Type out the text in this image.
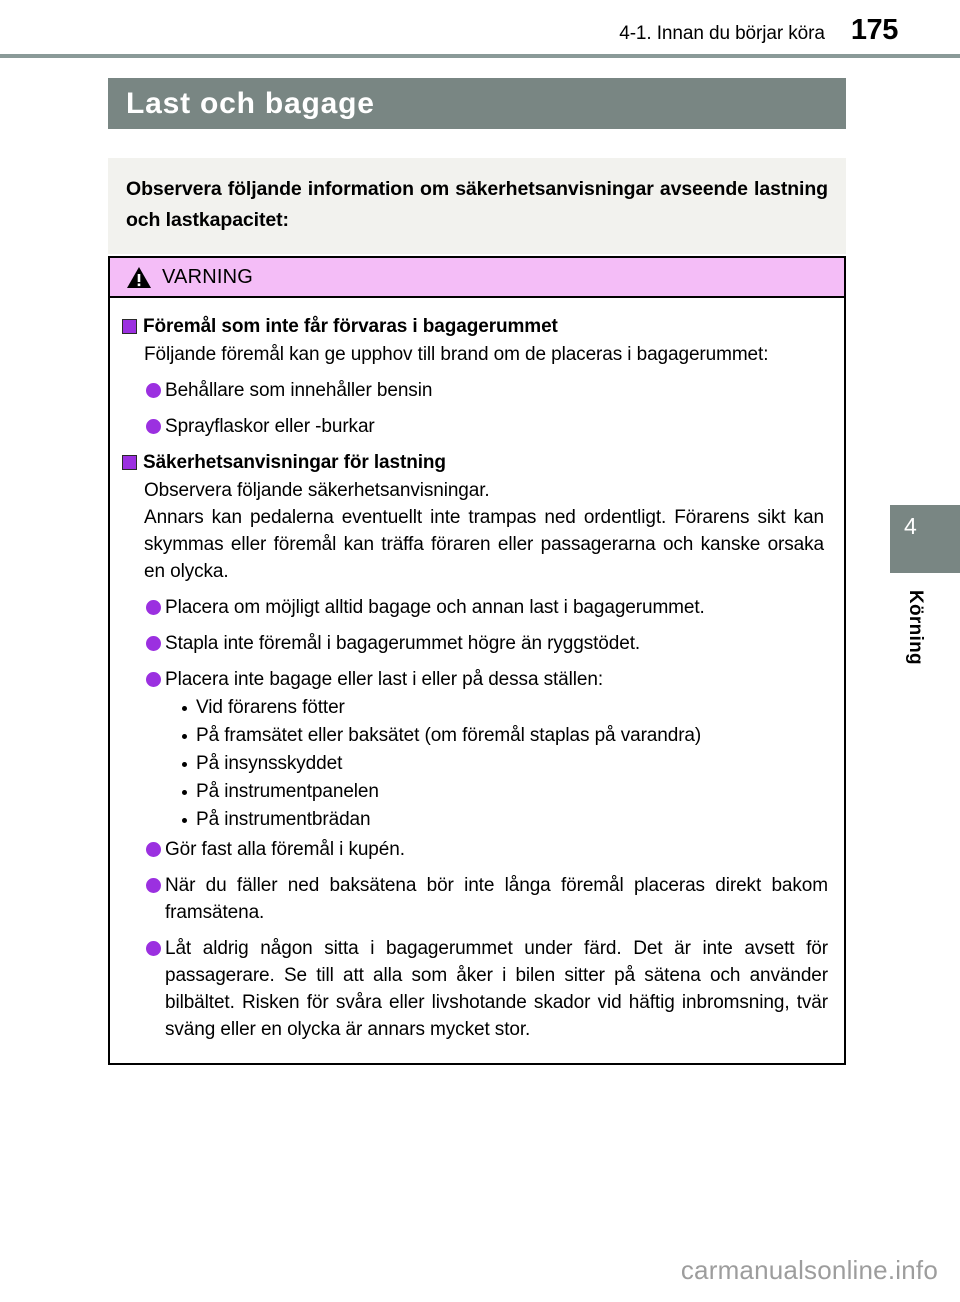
4-1. Innan du börjar köra 175
Last och bagage
Observera följande information om säkerhetsanvisningar avseende lastning och lastkapacitet:
VARNING
Föremål som inte får förvaras i bagagerummet
Följande föremål kan ge upphov till brand om de placeras i bagagerummet:
Behållare som innehåller bensin
Sprayflaskor eller -burkar
Säkerhetsanvisningar för lastning
Observera följande säkerhetsanvisningar.
Annars kan pedalerna eventuellt inte trampas ned ordentligt. Förarens sikt kan skymmas eller föremål kan träffa föraren eller passagerarna och kanske orsaka en olycka.
Placera om möjligt alltid bagage och annan last i bagagerummet.
Stapla inte föremål i bagagerummet högre än ryggstödet.
Placera inte bagage eller last i eller på dessa ställen:
Vid förarens fötter
På framsätet eller baksätet (om föremål staplas på varandra)
På insynsskyddet
På instrumentpanelen
På instrumentbrädan
Gör fast alla föremål i kupén.
När du fäller ned baksätena bör inte långa föremål placeras direkt bakom framsätena.
Låt aldrig någon sitta i bagagerummet under färd. Det är inte avsett för passagerare. Se till att alla som åker i bilen sitter på sätena och använder bilbältet. Risken för svåra eller livshotande skador vid häftig inbromsning, tvär sväng eller en olycka är annars mycket stor.
4
Körning
carmanualsonline.info
